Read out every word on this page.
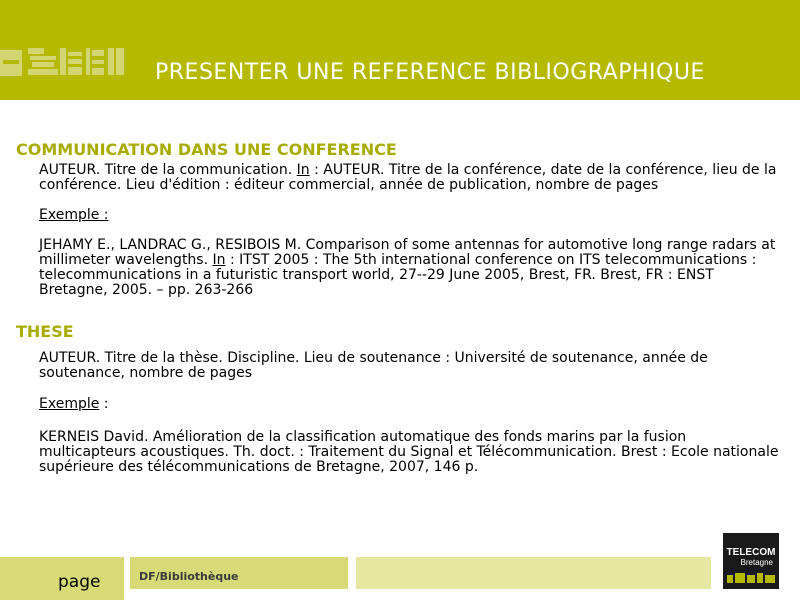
PRESENTER UNE REFERENCE BIBLIOGRAPHIQUE
COMMUNICATION DANS UNE CONFERENCE
AUTEUR. Titre de la communication. In : AUTEUR. Titre de la conférence, date de la conférence, lieu de la conférence. Lieu d'édition : éditeur commercial, année de publication, nombre de pages
Exemple :
JEHAMY E., LANDRAC G., RESIBOIS M. Comparison of some antennas for automotive long range radars at millimeter wavelengths. In : ITST 2005 : The 5th international conference on ITS telecommunications : telecommunications in a futuristic transport world, 27--29 June 2005, Brest, FR. Brest, FR : ENST Bretagne, 2005. – pp. 263-266
THESE
AUTEUR. Titre de la thèse. Discipline. Lieu de soutenance : Université de soutenance, année de soutenance, nombre de pages
Exemple :
KERNEIS David. Amélioration de la classification automatique des fonds marins par la fusion multicapteurs acoustiques. Th. doct. : Traitement du Signal et Télécommunication. Brest : Ecole nationale supérieure des télécommunications de Bretagne, 2007, 146 p.
page	DF/Bibliothèque
TELECOM
Bretagne
